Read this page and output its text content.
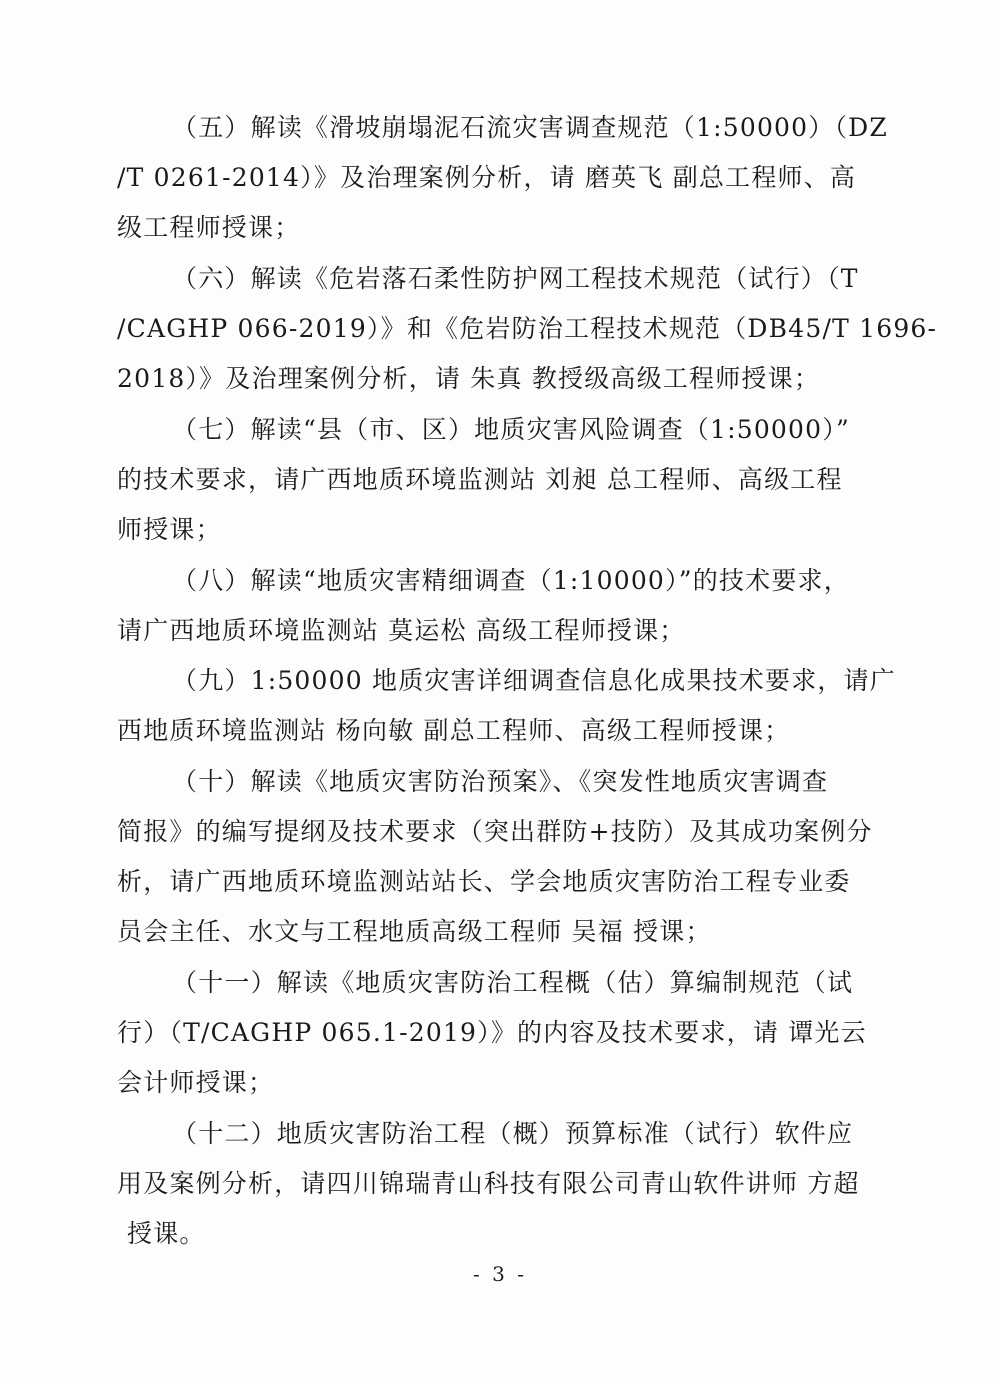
（五）解读《滑坡崩塌泥石流灾害调查规范（1:50000）（DZ
/T 0261-2014）》及治理案例分析，请 磨英飞 副总工程师、高
级工程师授课；
（六）解读《危岩落石柔性防护网工程技术规范（试行）（T
/CAGHP 066-2019）》和《危岩防治工程技术规范（DB45/T 1696-
2018）》及治理案例分析，请 朱真 教授级高级工程师授课；
（七）解读“县（市、区）地质灾害风险调查（1:50000）”
的技术要求，请广西地质环境监测站 刘昶 总工程师、高级工程
师授课；
（八）解读“地质灾害精细调查（1:10000）”的技术要求，
请广西地质环境监测站 莫运松 高级工程师授课；
（九）1:50000 地质灾害详细调查信息化成果技术要求，请广
西地质环境监测站 杨向敏 副总工程师、高级工程师授课；
（十）解读《地质灾害防治预案》、《突发性地质灾害调查
简报》的编写提纲及技术要求（突出群防+技防）及其成功案例分
析，请广西地质环境监测站站长、学会地质灾害防治工程专业委
员会主任、水文与工程地质高级工程师 吴福 授课；
（十一）解读《地质灾害防治工程概（估）算编制规范（试
行）（T/CAGHP 065.1-2019）》的内容及技术要求，请 谭光云
会计师授课；
（十二）地质灾害防治工程（概）预算标准（试行）软件应
用及案例分析，请四川锦瑞青山科技有限公司青山软件讲师 方超
授课。
- 3 -
